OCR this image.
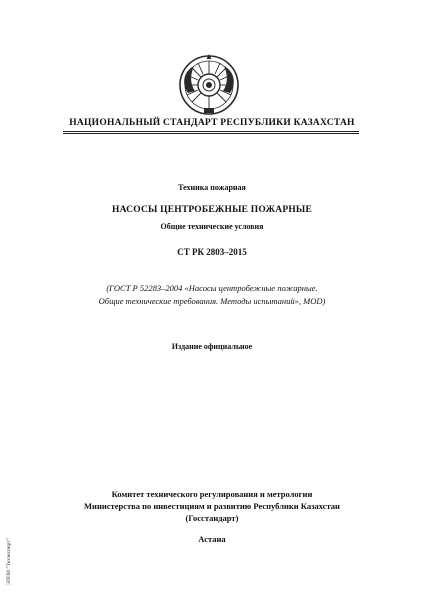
НАЦИОНАЛЬНЫЙ СТАНДАРТ РЕСПУБЛИКИ КАЗАХСТАН
Техника пожарная
НАСОСЫ ЦЕНТРОБЕЖНЫЕ ПОЖАРНЫЕ
Общие технические условия
СТ РК 2803–2015
(ГОСТ Р 52283–2004 «Насосы центробежные пожарные.
Общие технические требования. Методы испытаний», MOD)
Издание официальное
Комитет технического регулирования и метрологии
Министерства по инвестициям и развитию Республики Казахстан
(Госстандарт)
Астана
ЭЛПИ "Техэксперт"
